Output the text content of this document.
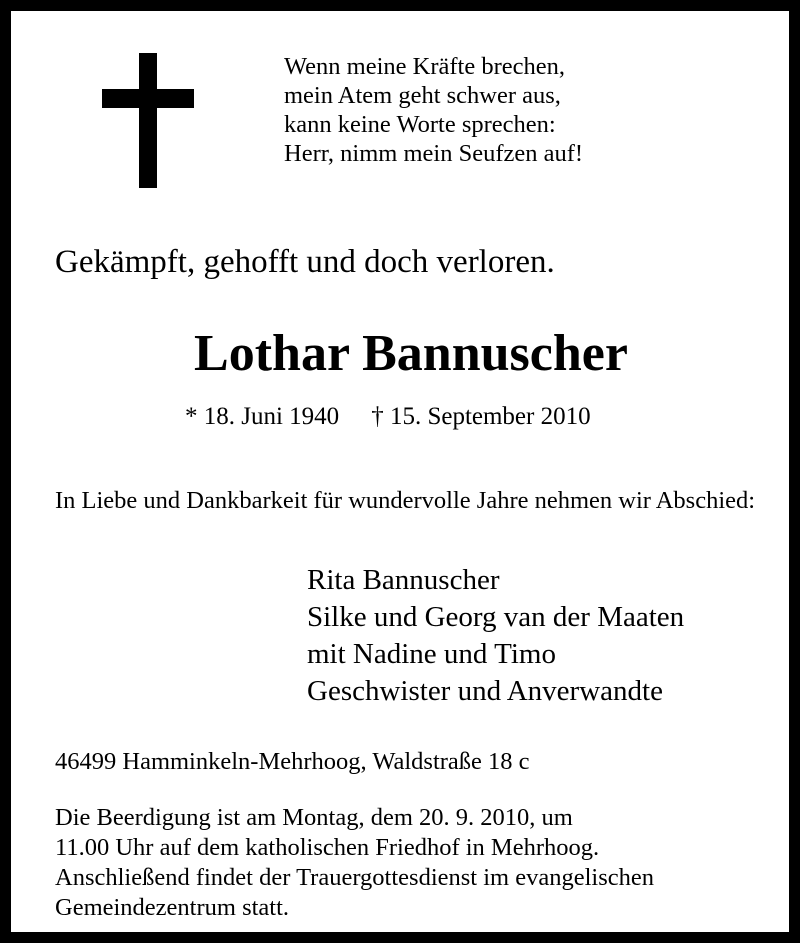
Wenn meine Kräfte brechen,
mein Atem geht schwer aus,
kann keine Worte sprechen:
Herr, nimm mein Seufzen auf!
Gekämpft, gehofft und doch verloren.
Lothar Bannuscher
* 18. Juni 1940 † 15. September 2010
In Liebe und Dankbarkeit für wundervolle Jahre nehmen wir Abschied:
Rita Bannuscher
Silke und Georg van der Maaten
mit Nadine und Timo
Geschwister und Anverwandte
46499 Hamminkeln-Mehrhoog, Waldstraße 18 c
Die Beerdigung ist am Montag, dem 20. 9. 2010, um
11.00 Uhr auf dem katholischen Friedhof in Mehrhoog.
Anschließend findet der Trauergottesdienst im evangelischen
Gemeindezentrum statt.
